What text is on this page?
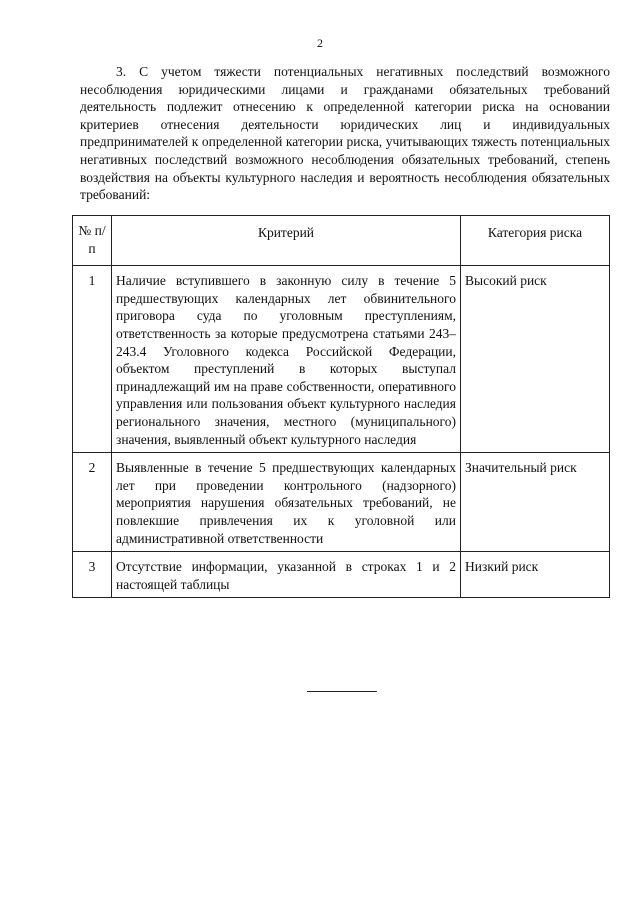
2

3. С учетом тяжести потенциальных негативных последствий возможного несоблюдения юридическими лицами и гражданами обязательных требований деятельность подлежит отнесению к определенной категории риска на основании критериев отнесения деятельности юридических лиц и индивидуальных предпринимателей к определенной категории риска, учитывающих тяжесть потенциальных негативных последствий возможного несоблюдения обязательных требований, степень воздействия на объекты культурного наследия и вероятность несоблюдения обязательных требований:

№ п/п	Критерий	Категория риска
1	Наличие вступившего в законную силу в течение 5 предшествующих календарных лет обвинительного приговора суда по уголовным преступлениям, ответственность за которые предусмотрена статьями 243–243.4 Уголовного кодекса Российской Федерации, объектом преступлений в которых выступал принадлежащий им на праве собственности, оперативного управления или пользования объект культурного наследия регионального значения, местного (муниципального) значения, выявленный объект культурного наследия	Высокий риск
2	Выявленные в течение 5 предшествующих календарных лет при проведении контрольного (надзорного) мероприятия нарушения обязательных требований, не повлекшие привлечения их к уголовной или административной ответственности	Значительный риск
3	Отсутствие информации, указанной в строках 1 и 2 настоящей таблицы	Низкий риск
